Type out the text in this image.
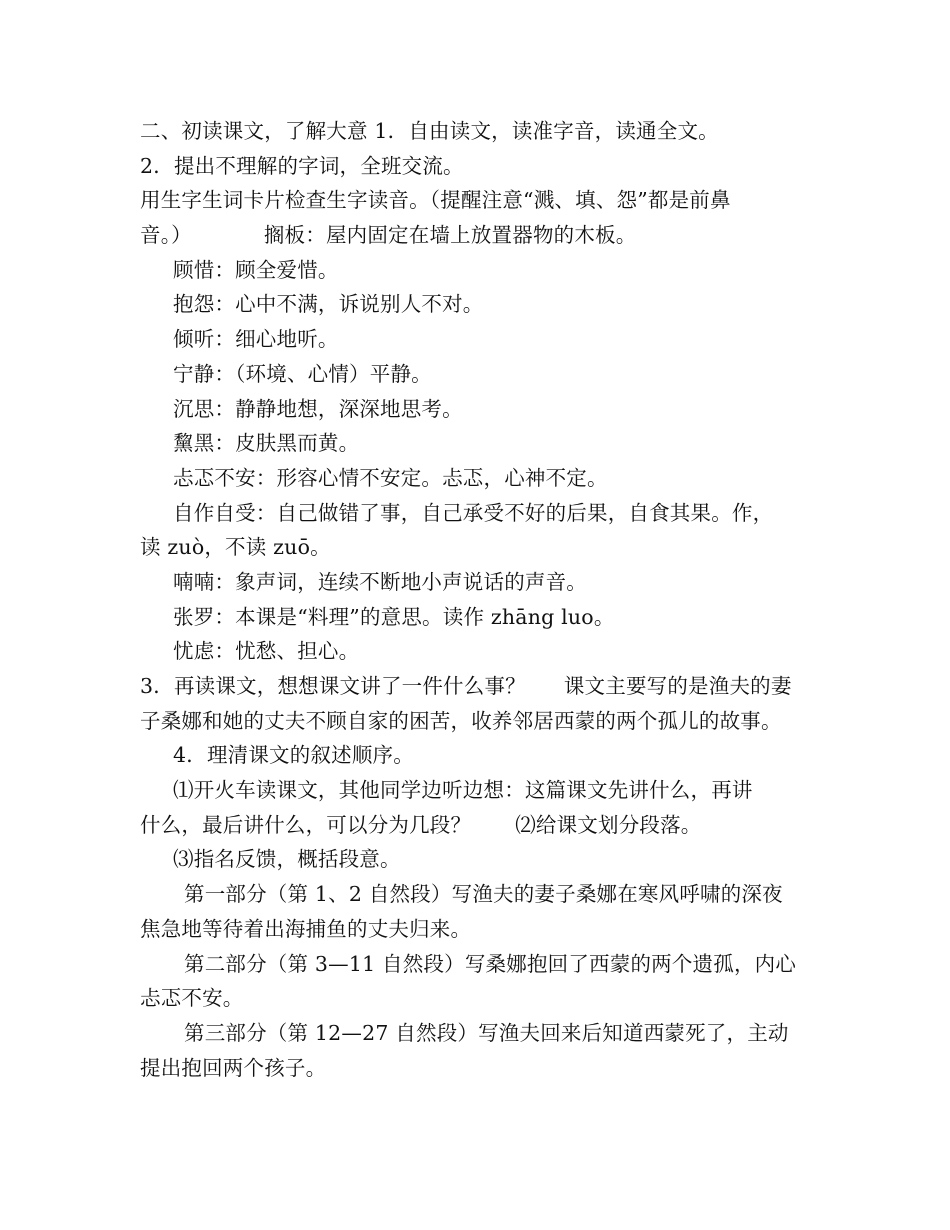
二、初读课文，了解大意 1．自由读文，读准字音，读通全文。
2．提出不理解的字词，全班交流。
用生字生词卡片检查生字读音。（提醒注意“溅、填、怨”都是前鼻
音。）	搁板：屋内固定在墙上放置器物的木板。
顾惜：顾全爱惜。
抱怨：心中不满，诉说别人不对。
倾听：细心地听。
宁静：（环境、心情）平静。
沉思：静静地想，深深地思考。
黧黑：皮肤黑而黄。
忐忑不安：形容心情不安定。忐忑，心神不定。
自作自受：自己做错了事，自己承受不好的后果，自食其果。作，
读 zuò，不读 zuō。
喃喃：象声词，连续不断地小声说话的声音。
张罗：本课是“料理”的意思。读作 zhāng luo。
忧虑：忧愁、担心。
3．再读课文，想想课文讲了一件什么事？ 课文主要写的是渔夫的妻
子桑娜和她的丈夫不顾自家的困苦，收养邻居西蒙的两个孤儿的故事。
4．理清课文的叙述顺序。
⑴开火车读课文，其他同学边听边想：这篇课文先讲什么，再讲
什么，最后讲什么，可以分为几段？ ⑵给课文划分段落。
⑶指名反馈，概括段意。
第一部分（第 1、2 自然段）写渔夫的妻子桑娜在寒风呼啸的深夜
焦急地等待着出海捕鱼的丈夫归来。
第二部分（第 3—11 自然段）写桑娜抱回了西蒙的两个遗孤，内心
忐忑不安。
第三部分（第 12—27 自然段）写渔夫回来后知道西蒙死了，主动
提出抱回两个孩子。
